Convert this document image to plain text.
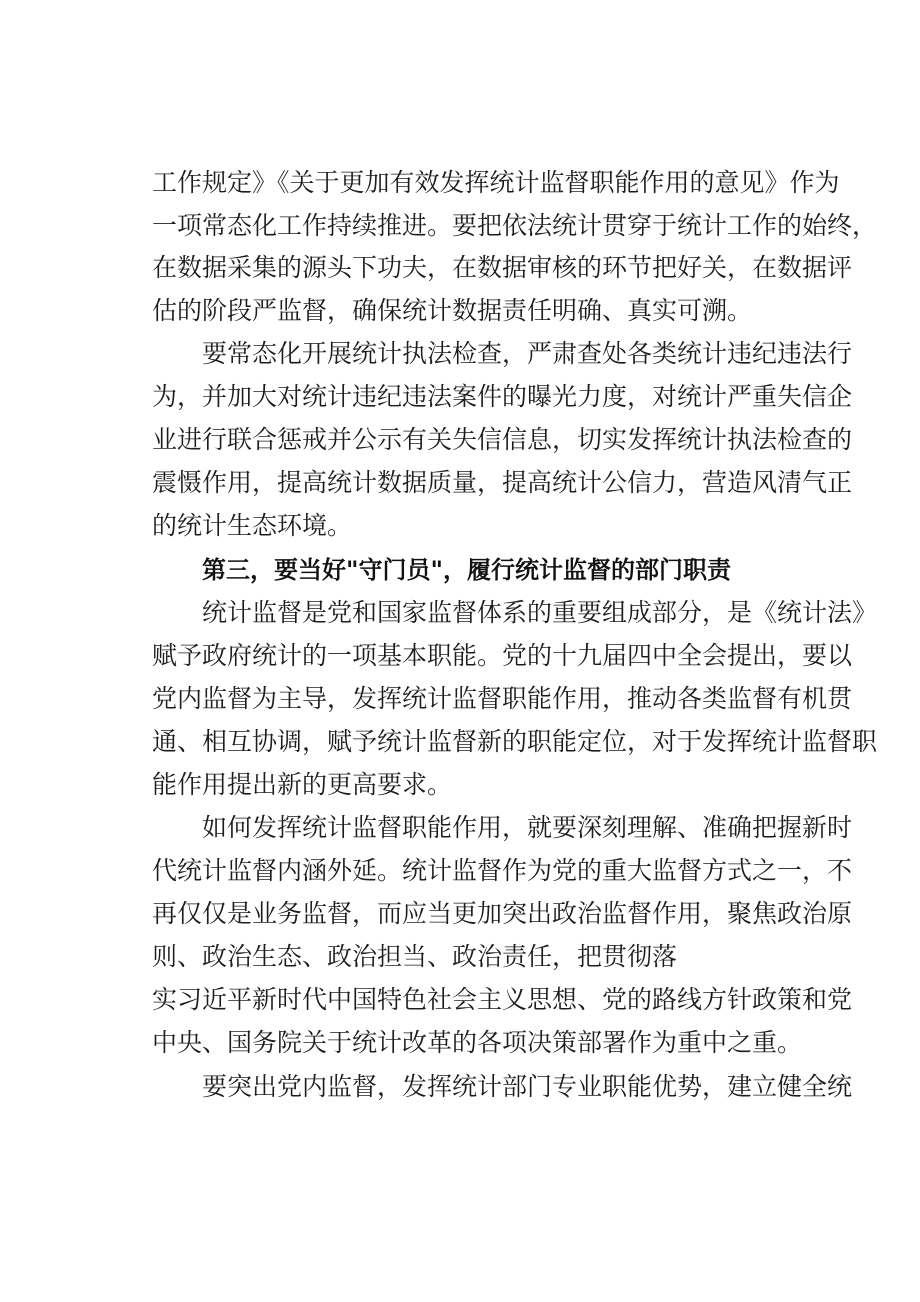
工作规定》《关于更加有效发挥统计监督职能作用的意见》作为
一项常态化工作持续推进。要把依法统计贯穿于统计工作的始终，
在数据采集的源头下功夫，在数据审核的环节把好关，在数据评
估的阶段严监督，确保统计数据责任明确、真实可溯。
要常态化开展统计执法检查，严肃查处各类统计违纪违法行
为，并加大对统计违纪违法案件的曝光力度，对统计严重失信企
业进行联合惩戒并公示有关失信信息，切实发挥统计执法检查的
震慑作用，提高统计数据质量，提高统计公信力，营造风清气正
的统计生态环境。
第三，要当好"守门员"，履行统计监督的部门职责
统计监督是党和国家监督体系的重要组成部分，是《统计法》
赋予政府统计的一项基本职能。党的十九届四中全会提出，要以
党内监督为主导，发挥统计监督职能作用，推动各类监督有机贯
通、相互协调，赋予统计监督新的职能定位，对于发挥统计监督职
能作用提出新的更高要求。
如何发挥统计监督职能作用，就要深刻理解、准确把握新时
代统计监督内涵外延。统计监督作为党的重大监督方式之一，不
再仅仅是业务监督，而应当更加突出政治监督作用，聚焦政治原
则、政治生态、政治担当、政治责任，把贯彻落
实习近平新时代中国特色社会主义思想、党的路线方针政策和党
中央、国务院关于统计改革的各项决策部署作为重中之重。
要突出党内监督，发挥统计部门专业职能优势，建立健全统
